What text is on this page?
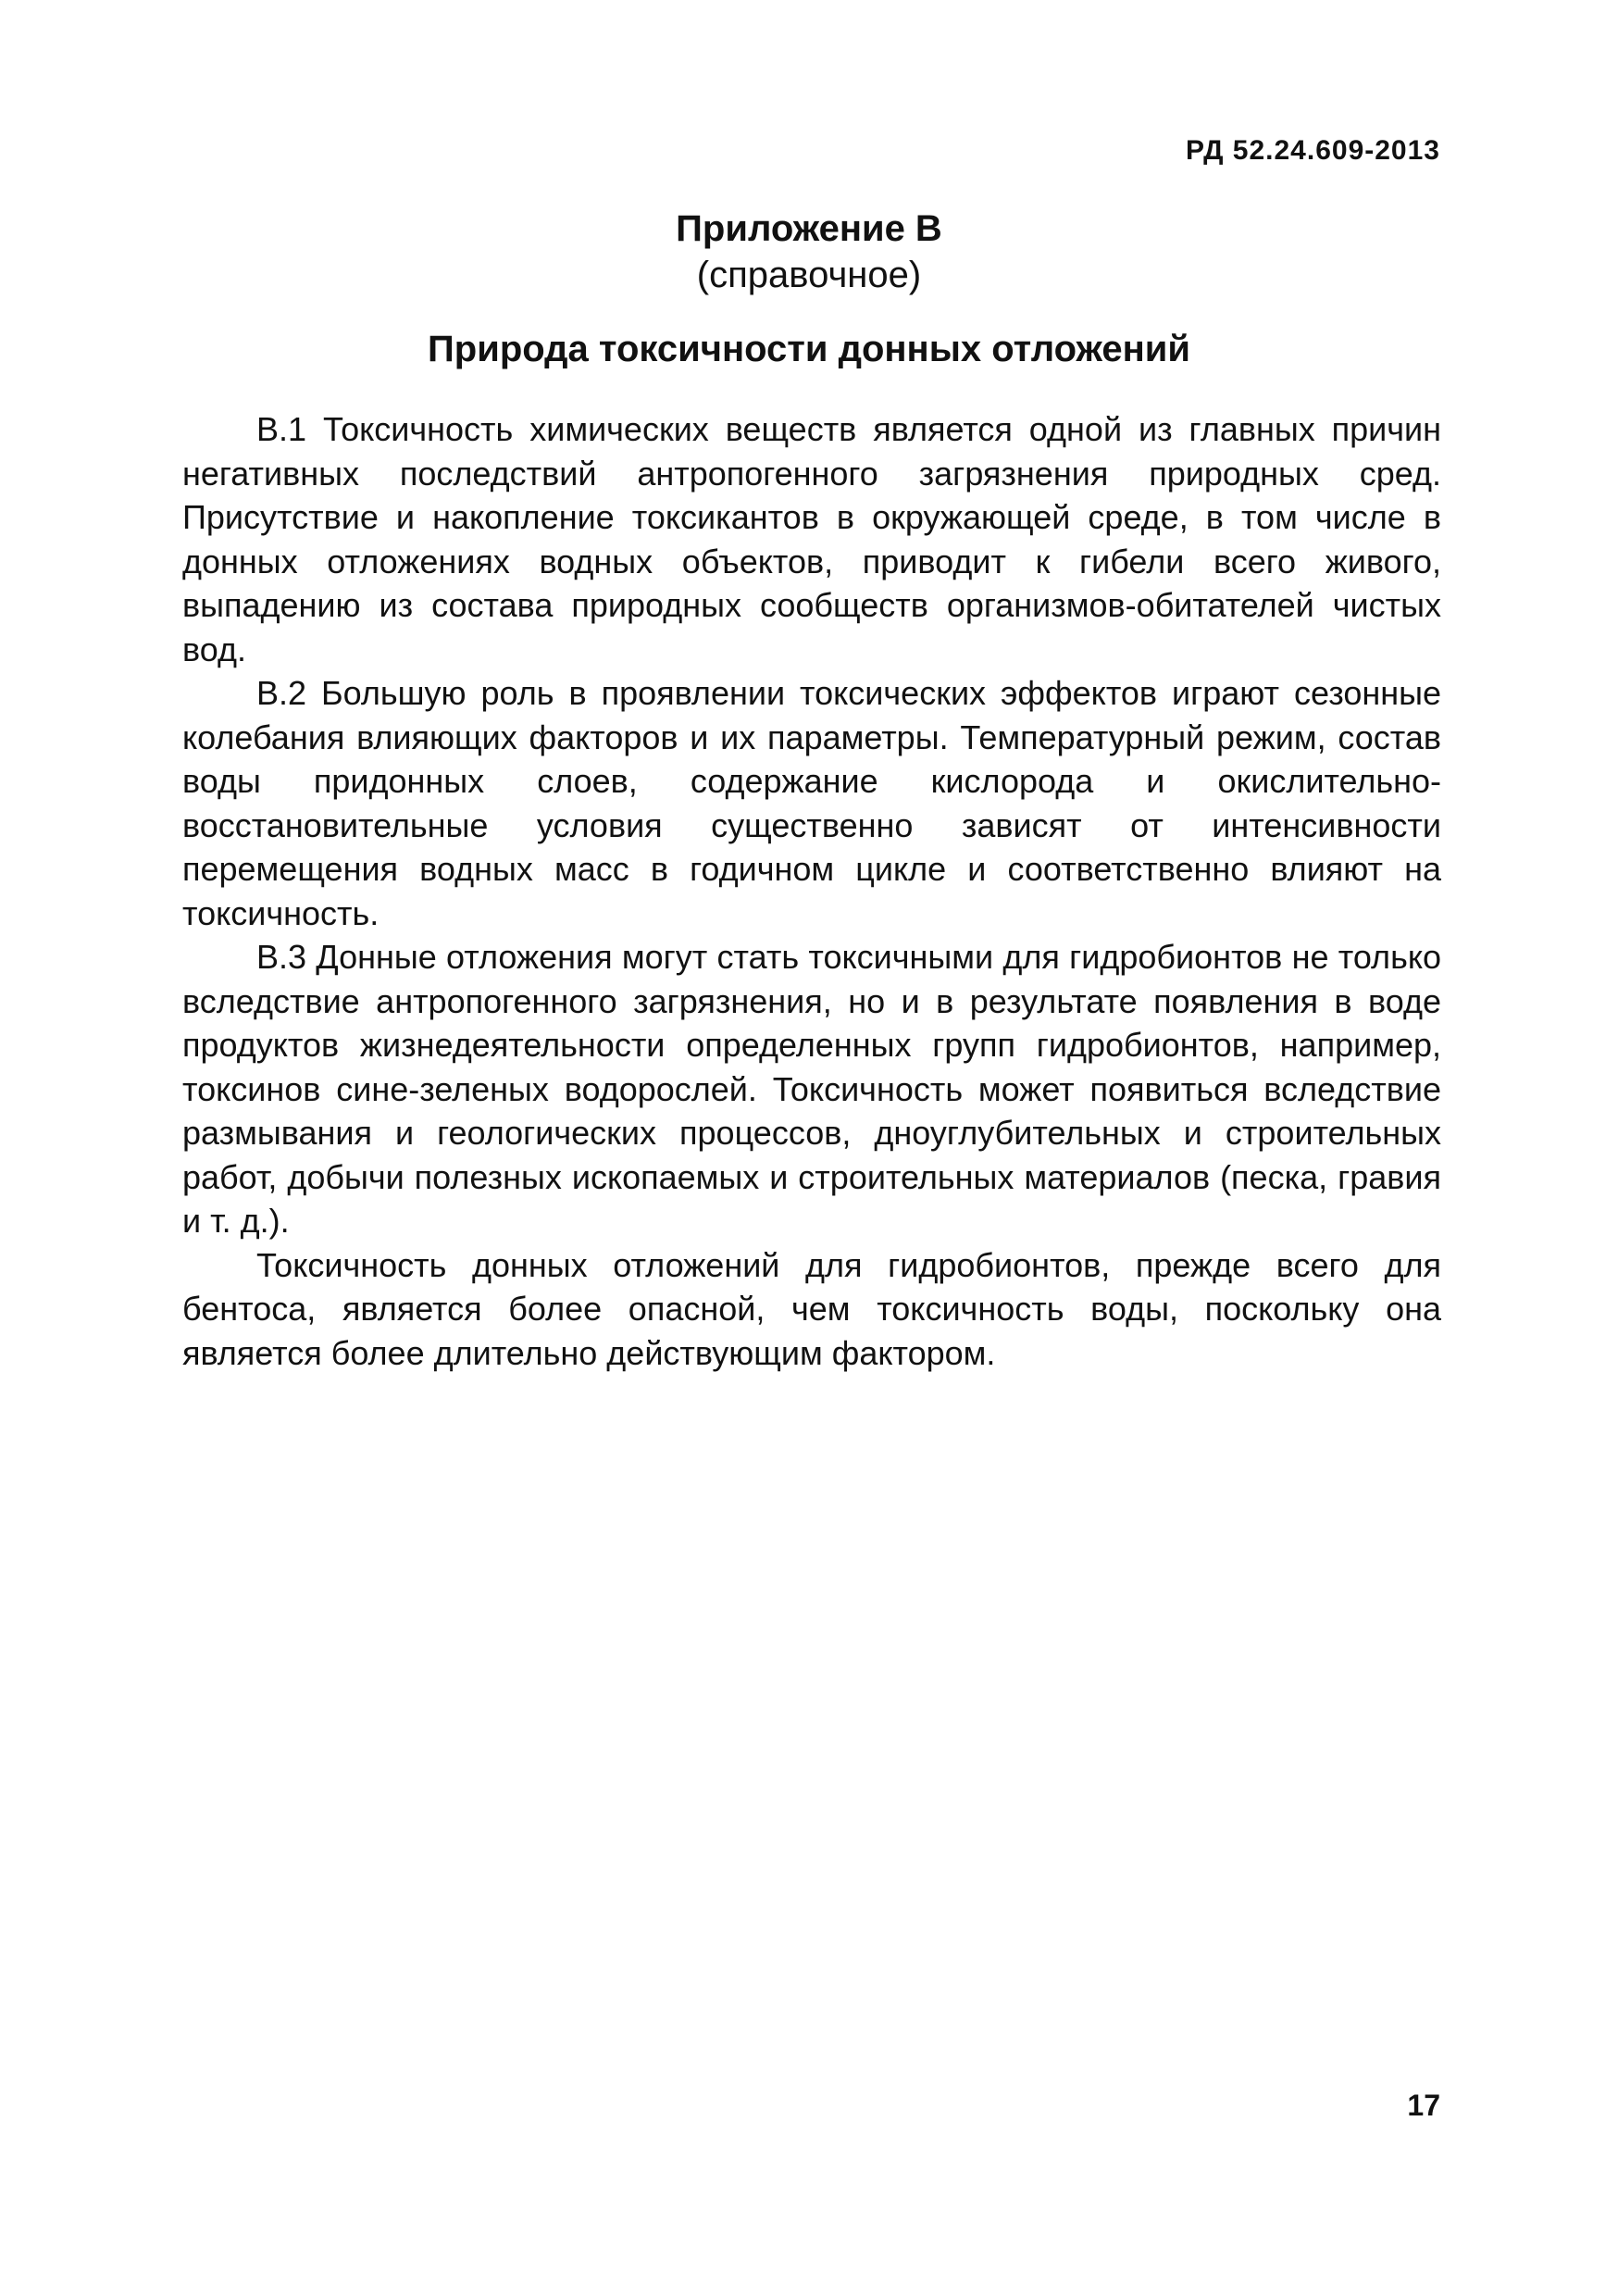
РД 52.24.609-2013
Приложение В
(справочное)
Природа токсичности донных отложений

В.1 Токсичность химических веществ является одной из главных причин негативных последствий антропогенного загрязнения природных сред. Присутствие и накопление токсикантов в окружающей среде, в том числе в донных отложениях водных объектов, приводит к гибели всего живого, выпадению из состава природных сообществ организмов-обитателей чистых вод.

В.2 Большую роль в проявлении токсических эффектов играют сезонные колебания влияющих факторов и их параметры. Температурный режим, состав воды придонных слоев, содержание кислорода и окислительно-восстановительные условия существенно зависят от интенсивности перемещения водных масс в годичном цикле и соответственно влияют на токсичность.

В.3 Донные отложения могут стать токсичными для гидробионтов не только вследствие антропогенного загрязнения, но и в результате появления в воде продуктов жизнедеятельности определенных групп гидробионтов, например, токсинов сине-зеленых водорослей. Токсичность может появиться вследствие размывания и геологических процессов, дноуглубительных и строительных работ, добычи полезных ископаемых и строительных материалов (песка, гравия и т. д.).

Токсичность донных отложений для гидробионтов, прежде всего для бентоса, является более опасной, чем токсичность воды, поскольку она является более длительно действующим фактором.

17
